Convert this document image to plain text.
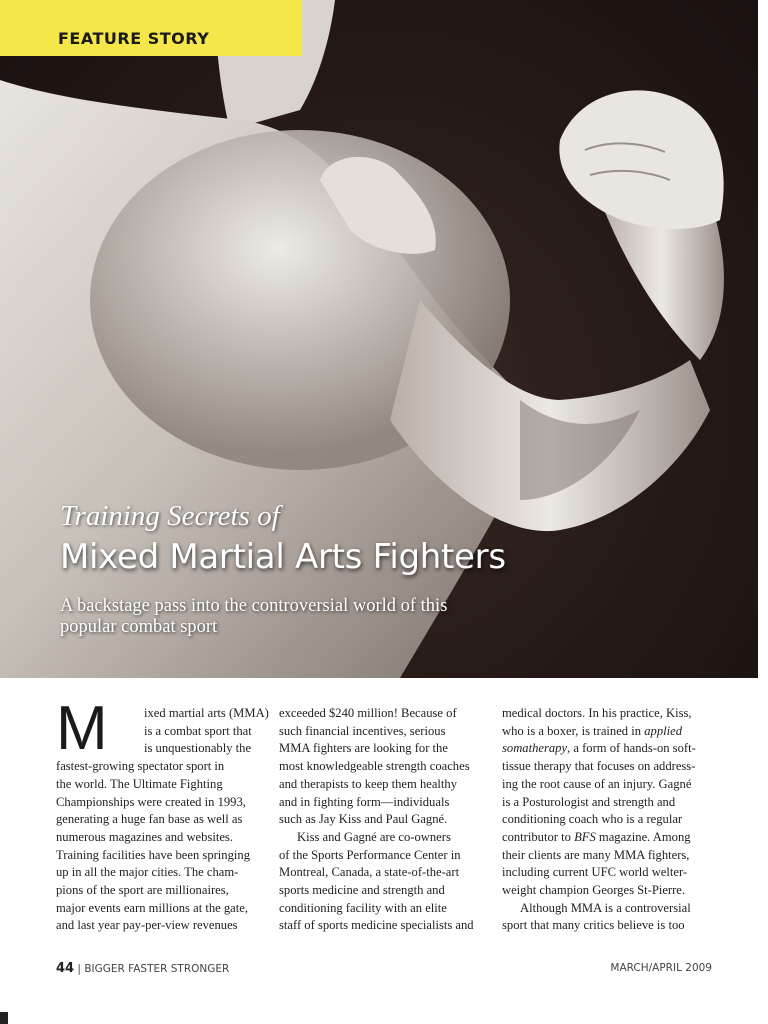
FEATURE STORY
Training Secrets of
Mixed Martial Arts Fighters
A backstage pass into the controversial world of this
popular combat sport
M	ixed martial arts (MMA)
is a combat sport that
is unquestionably the
fastest-growing spectator sport in
the world. The Ultimate Fighting
Championships were created in 1993,
generating a huge fan base as well as
numerous magazines and websites.
Training facilities have been springing
up in all the major cities. The cham-
pions of the sport are millionaires,
major events earn millions at the gate,
and last year pay-per-view revenues
exceeded $240 million! Because of
such financial incentives, serious
MMA fighters are looking for the
most knowledgeable strength coaches
and therapists to keep them healthy
and in fighting form—individuals
such as Jay Kiss and Paul Gagné.
Kiss and Gagné are co-owners
of the Sports Performance Center in
Montreal, Canada, a state-of-the-art
sports medicine and strength and
conditioning facility with an elite
staff of sports medicine specialists and
medical doctors. In his practice, Kiss,
who is a boxer, is trained in applied
somatherapy, a form of hands-on soft-
tissue therapy that focuses on address-
ing the root cause of an injury. Gagné
is a Posturologist and strength and
conditioning coach who is a regular
contributor to BFS magazine. Among
their clients are many MMA fighters,
including current UFC world welter-
weight champion Georges St-Pierre.
Although MMA is a controversial
sport that many critics believe is too
44 | BIGGER FASTER STRONGER	MARCH/APRIL 2009
